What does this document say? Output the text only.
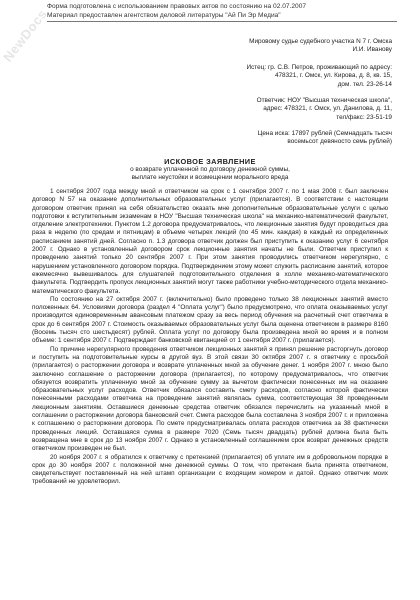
NewDocs
Форма подготовлена с использованием правовых актов по состоянию на 02.07.2007
Материал предоставлен агентством деловой литературы "Ай Пи Эр Медиа"
Мировому судье судебного участка N 7 г. Омска
И.И. Иванову
Истец: гр. С.В. Петров, проживающий по адресу:
478321, г. Омск, ул. Кирова, д. 8, кв. 15,
дом. тел. 23-26-14
Ответчик: НОУ "Высшая техническая школа",
адрес: 478321, г. Омск, ул. Данилова, д. 11,
тел/факс: 23-51-19
Цена иска: 17897 рублей (Семнадцать тысяч
восемьсот девяносто семь рублей)
ИСКОВОЕ ЗАЯВЛЕНИЕ
о возврате уплаченной по договору денежной суммы,
выплате неустойки и возмещении морального вреда

1 сентября 2007 года между мной и ответчиком на срок с 1 сентября 2007 г. по 1 мая 2008 г. был заключен договор N 57 на оказание дополнительных образовательных услуг (прилагается). В соответствии с настоящим договором ответчик принял на себя обязательство оказать мне дополнительные образовательные услуги с целью подготовки к вступительным экзаменам в НОУ "Высшая техническая школа" на механико-математический факультет, отделение электротехники. Пунктом 1.2 договора предусматривалось, что лекционные занятия будут проводиться два раза в неделю (по средам и пятницам) в объеме четырех лекций (по 45 мин. каждая) в каждый из определенных расписанием занятий дней. Согласно п. 1.3 договора ответчик должен был приступить к оказанию услуг 6 сентября 2007 г. Однако в установленный договором срок лекционные занятия начаты не были. Ответчик приступил к проведению занятий только 20 сентября 2007 г. При этом занятия проводились ответчиком нерегулярно, с нарушением установленного договором порядка. Подтверждением этому может служить расписание занятий, которое ежемесячно вывешивалось для слушателей подготовительного отделения в холле механико-математического факультета. Подтвердить пропуск лекционных занятий могут также работники учебно-методического отдела механико-математического факультета.

По состоянию на 27 октября 2007 г. (включительно) было проведено только 38 лекционных занятий вместо положенных 64. Условиями договора (раздел 4 "Оплата услуг") было предусмотрено, что оплата оказываемых услуг производится единовременным авансовым платежом сразу за весь период обучения на расчетный счет ответчика в срок до 6 сентября 2007 г. Стоимость оказываемых образовательных услуг была оценена ответчиком в размере 8160 (Восемь тысяч сто шестьдесят) рублей. Оплата услуг по договору была произведена мной во время и в полном объеме: 1 сентября 2007 г. Подтверждает банковской квитанцией от 1 сентября 2007 г. (прилагается).

По причине нерегулярного проведения ответчиком лекционных занятий я принял решение расторгнуть договор и поступить на подготовительные курсы в другой вуз. В этой связи 30 октября 2007 г. я ответчику с просьбой (прилагается) о расторжении договора и возврате уплаченных мной за обучение денег. 1 ноября 2007 г. мною было заключено соглашение о расторжении договора (прилагается), по которому предусматривалось, что ответчик обязуется возвратить уплаченную мной за обучение сумму за вычетом фактически понесенных им на оказание образовательных услуг расходов. Ответчик обязался составить смету расходов, согласно которой фактически понесенными расходами ответчика на проведение занятий являлась сумма, соответствующая 38 проведенным лекционным занятиям. Оставшиеся денежные средства ответчик обязался перечислить на указанный мной в соглашении о расторжении договора банковский счет. Смета расходов была составлена 3 ноября 2007 г. и приложена к соглашению о расторжении договора. По смете предусматривалась оплата расходов ответчика за 38 фактически проведенных лекций. Оставшаяся сумма в размере 7020 (Семь тысяч двадцать) рублей должна была быть возвращена мне в срок до 13 ноября 2007 г. Однако в установленный соглашением срок возврат денежных средств ответчиком произведен не был.

20 ноября 2007 г. я обратился к ответчику с претензией (прилагается) об уплате им в добровольном порядке в срок до 30 ноября 2007 г. положенной мне денежной суммы. О том, что претензия была принята ответчиком, свидетельствует поставленный на ней штамп организации с входящим номером и датой. Однако ответчик моих требований не удовлетворил.
